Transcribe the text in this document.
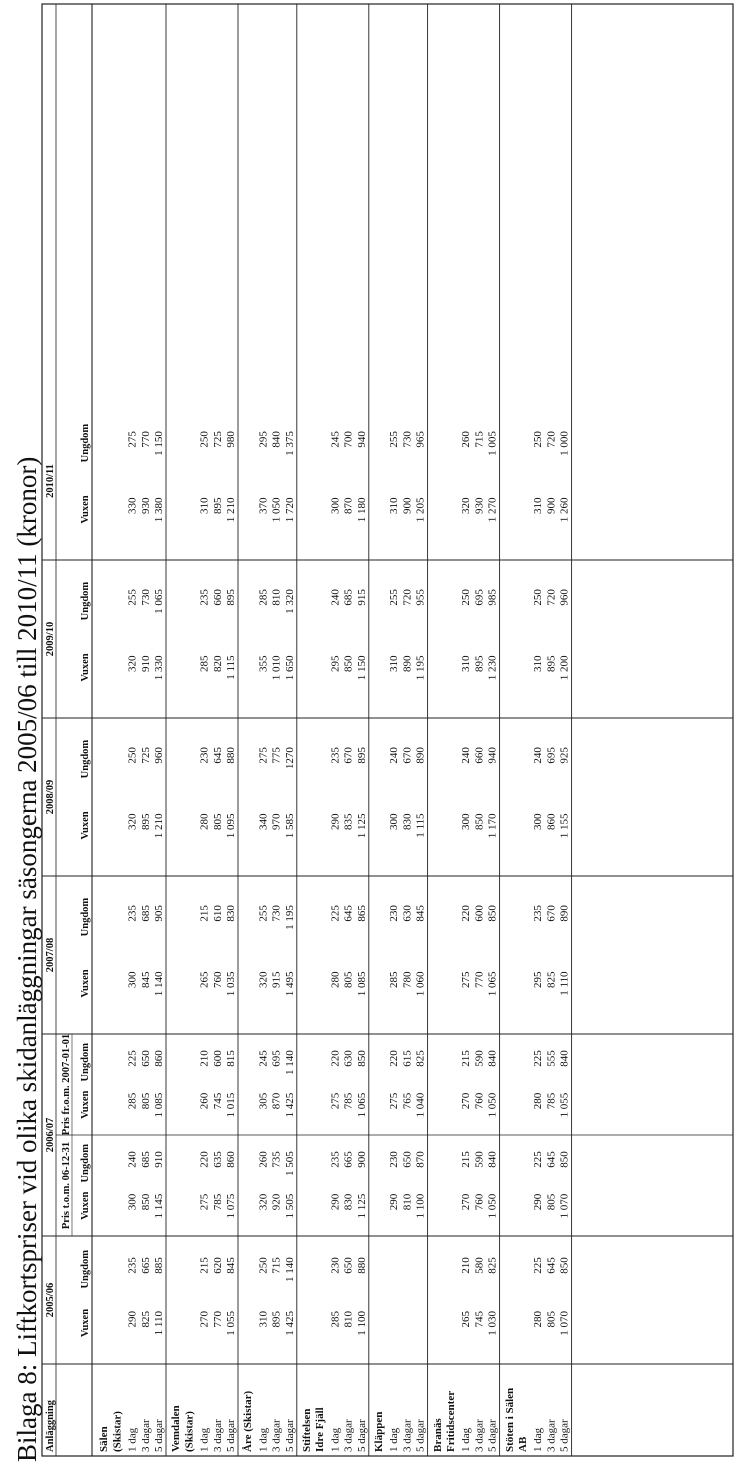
Bilaga 8: Liftkortspriser vid olika skidanläggningar säsongerna 2005/06 till 2010/11 (kronor) Anläggning
2005/06
Vuxen
Ungdom
2006/07
Pris t.o.m. 06-12-31
Pris fr.o.m. 2007-01-01
Vuxen
Ungdom
Vuxen
Ungdom
2007/08
Vuxen
Ungdom
2008/09
Vuxen
Ungdom
2009/10
Vuxen
Ungdom
2010/11
Vuxen
Ungdom
Sälen (Skistar) 1 dag
290
235
300
240
285
225
300
235
320
250
320
255
330
275
3 dagar
825
665
850
685
805
650
845
685
895
725
910
730
930
770
5 dagar
1 110
885
1 145
910
1 085
860
1 140
905
1 210
960
1 330
1 065
1 380
1 150
Vemdalen (Skistar) 1 dag
270
215
275
220
260
210
265
215
280
230
285
235
310
250
3 dagar
770
620
785
635
745
600
760
610
805
645
820
660
895
725
5 dagar
1 055
845
1 075
860
1 015
815
1 035
830
1 095
880
1 115
895
1 210
980
Åre (Skistar) 1 dag
310
250
320
260
305
245
320
255
340
275
355
285
370
295
3 dagar
895
715
920
735
870
695
915
730
970
775
1 010
810
1 050
840
5 dagar
1 425
1 140
1 505
1 505
1 425
1 140
1 495
1 195
1 585
1270
1 650
1 320
1 720
1 375
Stiftelsen Idre Fjäll 1 dag
285
230
290
235
275
220
280
225
290
235
295
240
300
245
3 dagar
810
650
830
665
785
630
805
645
835
670
850
685
870
700
5 dagar
1 100
880
1 125
900
1 065
850
1 085
865
1 125
895
1 150
915
1 180
940
Kläppen 1 dag
290
230
275
220
285
230
300
240
310
255
310
255
3 dagar
810
650
765
615
780
630
830
670
890
720
900
730
5 dagar
1 100
870
1 040
825
1 060
845
1 115
890
1 195
955
1 205
965
Branäs Fritidscenter 1 dag
265
210
270
215
270
215
275
220
300
240
310
250
320
260
3 dagar
745
580
760
590
760
590
770
600
850
660
895
695
930
715
5 dagar
1 030
825
1 050
840
1 050
840
1 065
850
1 170
940
1 230
985
1 270
1 005
Stöten i Sälen AB 1 dag
280
225
290
225
280
225
295
235
300
240
310
250
310
250
3 dagar
805
645
805
645
785
555
825
670
860
695
895
720
900
720
5 dagar
1 070
850
1 070
850
1 055
840
1 110
890
1 155
925
1 200
960
1 260
1 000
